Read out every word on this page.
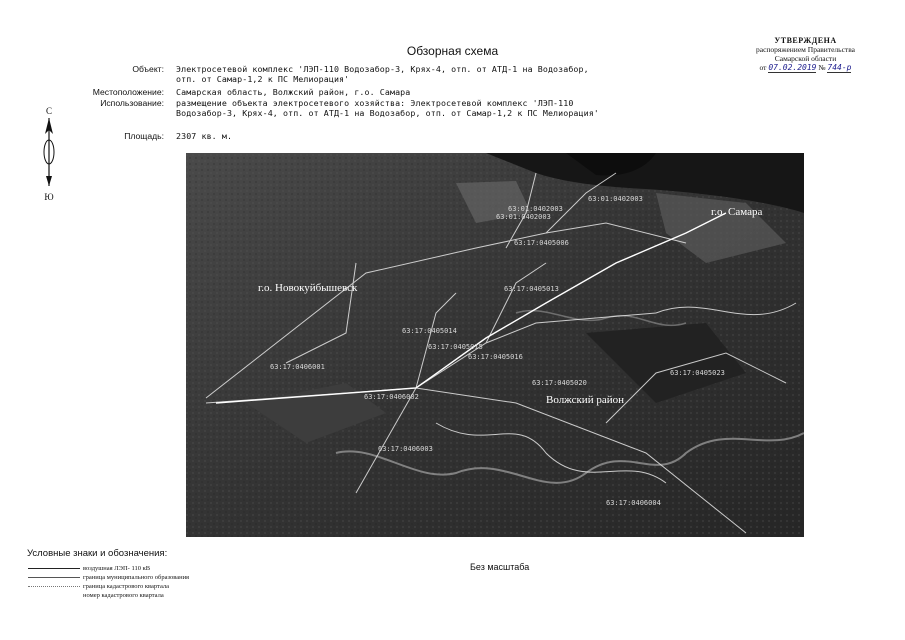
Обзорная схема
УТВЕРЖДЕНА
распоряжением Правительства
Самарской области
от 07.02.2019 № 744-р
Объект: Электросетевой комплекс 'ЛЭП-110 Водозабор-3, Крях-4, отп. от АТД-1 на Водозабор, отп. от Самар-1,2 к ПС Мелиорация'
Местоположение: Самарская область, Волжский район, г.о. Самара
Использование: размещение объекта электросетевого хозяйства: Электросетевой комплекс 'ЛЭП-110 Водозабор-3, Крях-4, отп. от АТД-1 на Водозабор, отп. от Самар-1,2 к ПС Мелиорация'
Площадь: 2307 кв. м.
С
Ю
г.о. Самара
г.о. Новокуйбышевск
Волжский район
63:01:0402003
63:01:0402003
63:01:0402003
63:17:0405006
63:17:0405013
63:17:0405014
63:17:0405015
63:17:0405016
63:17:0406001
63:17:0406002
63:17:0405020
63:17:0405023
63:17:0406003
63:17:0406004
Условные знаки и обозначения:
воздушная ЛЭП- 110 кВ
граница муниципального образования
граница кадастрового квартала
номер кадастрового квартала
Без масштаба
